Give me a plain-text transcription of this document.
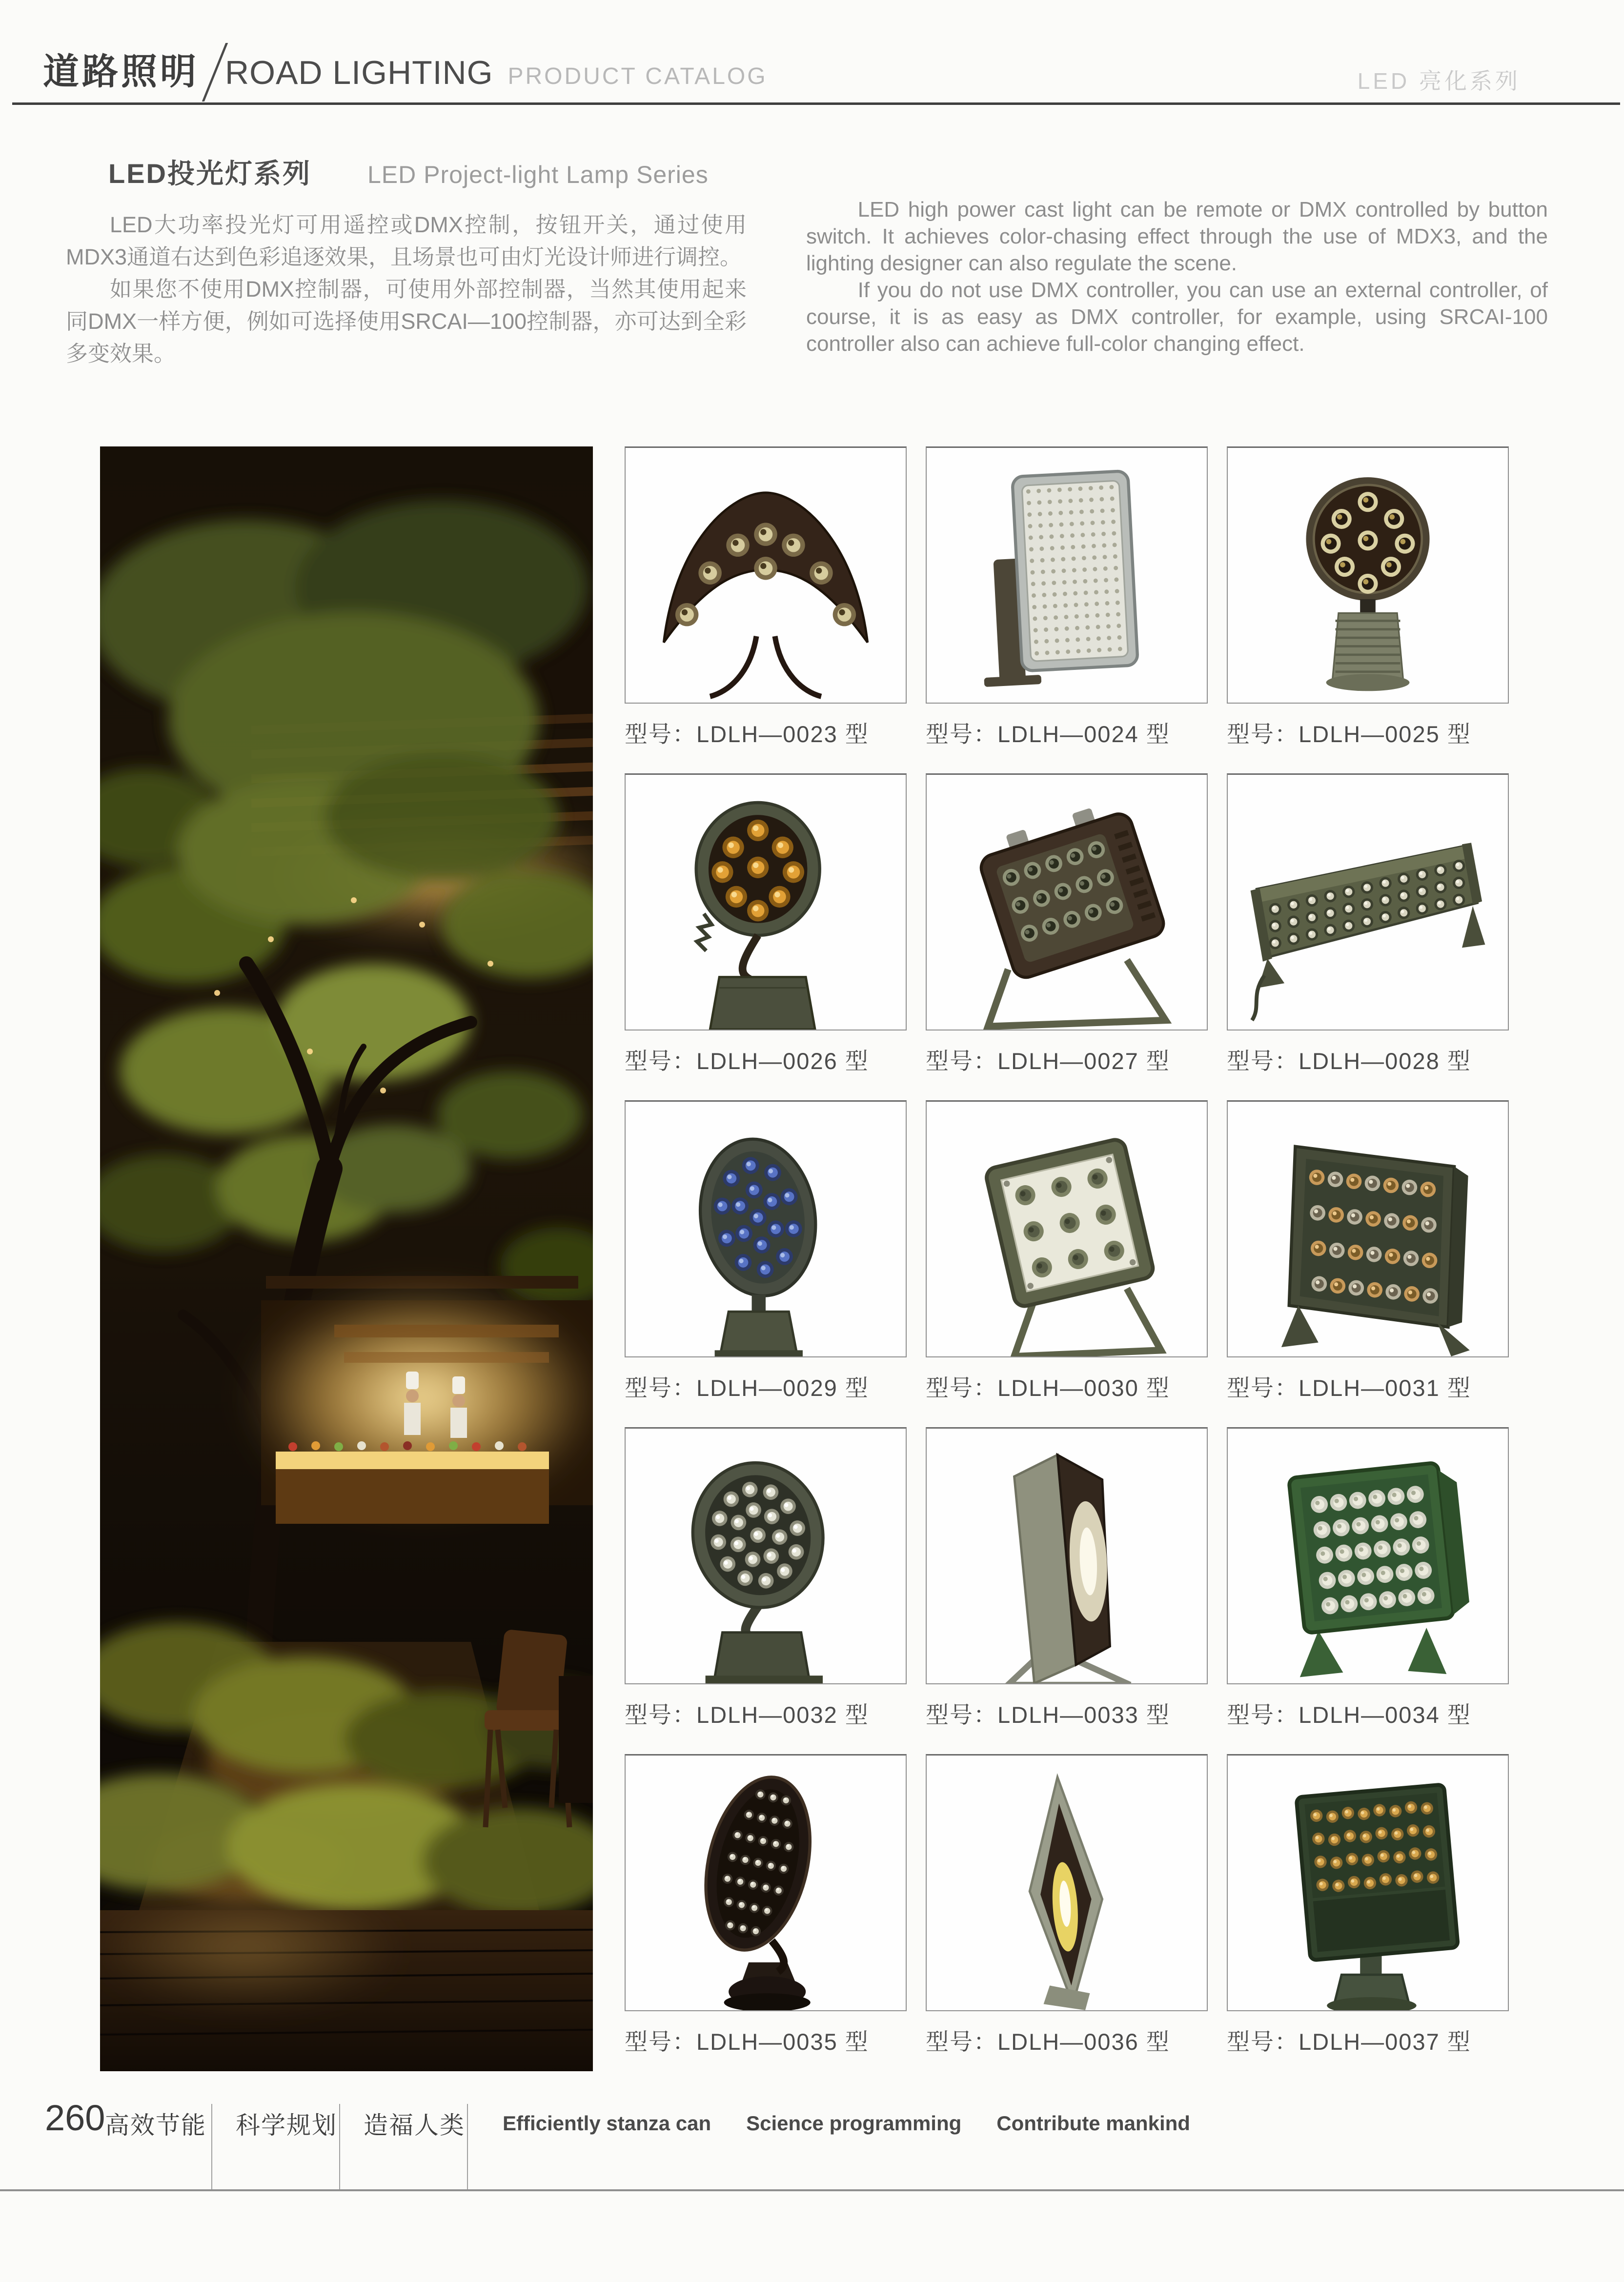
道路照明 ROAD LIGHTING PRODUCT CATALOG	LED 亮化系列
LED投光灯系列 LED Project-light Lamp Series

LED大功率投光灯可用遥控或DMX控制，按钮开关，通过使用MDX3通道右达到色彩追逐效果，且场景也可由灯光设计师进行调控。

如果您不使用DMX控制器，可使用外部控制器，当然其使用起来同DMX一样方便，例如可选择使用SRCAI—100控制器，亦可达到全彩多变效果。

LED high power cast light can be remote or DMX controlled by button switch. It achieves color-chasing effect through the use of MDX3, and the lighting designer can also regulate the scene.

If you do not use DMX controller, you can use an external controller, of course, it is as easy as DMX controller, for example, using SRCAI-100 controller also can achieve full-color changing effect.

型号：LDLH—0023 型	型号：LDLH—0024 型	型号：LDLH—0025 型
型号：LDLH—0026 型	型号：LDLH—0027 型	型号：LDLH—0028 型
型号：LDLH—0029 型	型号：LDLH—0030 型	型号：LDLH—0031 型
型号：LDLH—0032 型	型号：LDLH—0033 型	型号：LDLH—0034 型
型号：LDLH—0035 型	型号：LDLH—0036 型	型号：LDLH—0037 型
260 高效节能 科学规划 造福人类 Efficiently stanza can Science programming Contribute mankind
